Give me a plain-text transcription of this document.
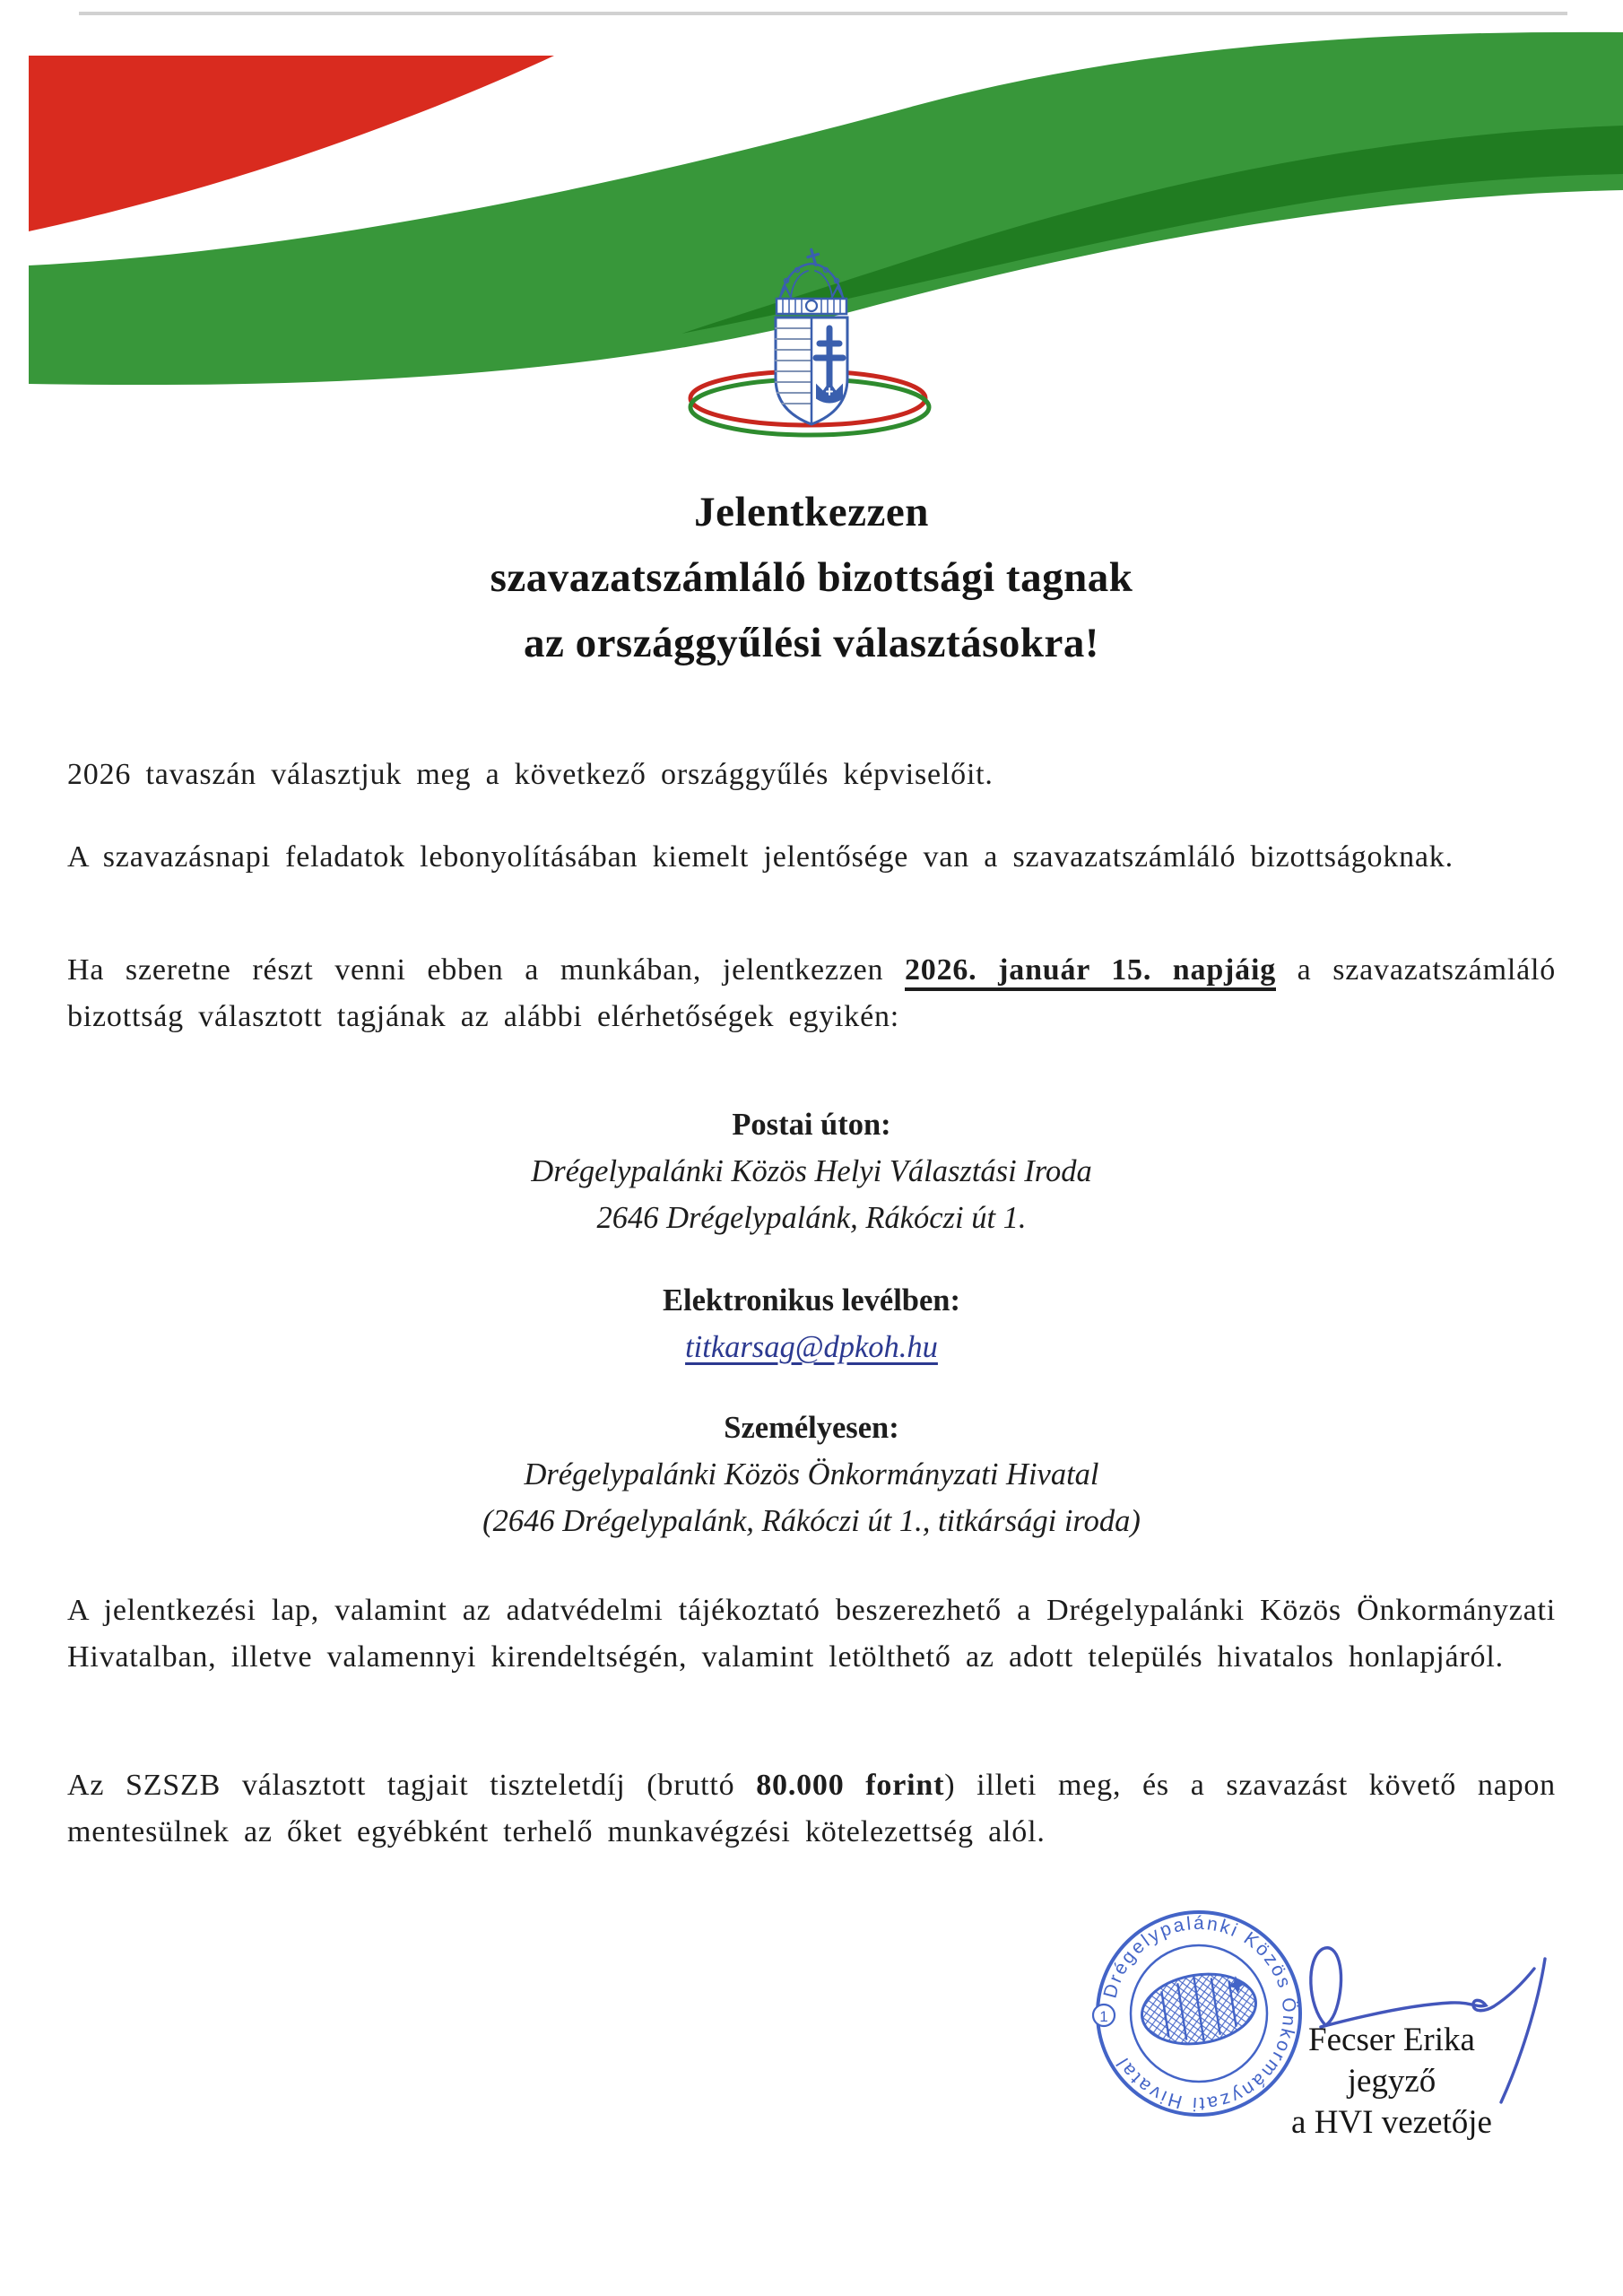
Jelentkezzen
szavazatszámláló bizottsági tagnak
az országgyűlési választásokra!
2026 tavaszán választjuk meg a következő országgyűlés képviselőit.
A szavazásnapi feladatok lebonyolításában kiemelt jelentősége van a szavazatszámláló bizottságoknak.
Ha szeretne részt venni ebben a munkában, jelentkezzen 2026. január 15. napjáig a szavazatszámláló bizottság választott tagjának az alábbi elérhetőségek egyikén:
Postai úton:
Drégelypalánki Közös Helyi Választási Iroda
2646 Drégelypalánk, Rákóczi út 1.
Elektronikus levélben:
titkarsag@dpkoh.hu
Személyesen:
Drégelypalánki Közös Önkormányzati Hivatal
(2646 Drégelypalánk, Rákóczi út 1., titkársági iroda)
A jelentkezési lap, valamint az adatvédelmi tájékoztató beszerezhető a Drégelypalánki Közös Önkormányzati Hivatalban, illetve valamennyi kirendeltségén, valamint letölthető az adott település hivatalos honlapjáról.
Az SZSZB választott tagjait tiszteletdíj (bruttó 80.000 forint) illeti meg, és a szavazást követő napon mentesülnek az őket egyébként terhelő munkavégzési kötelezettség alól.
Drégelypalánki Közös Önkormányzati Hivatal
1
Fecser Erika
jegyző
a HVI vezetője
